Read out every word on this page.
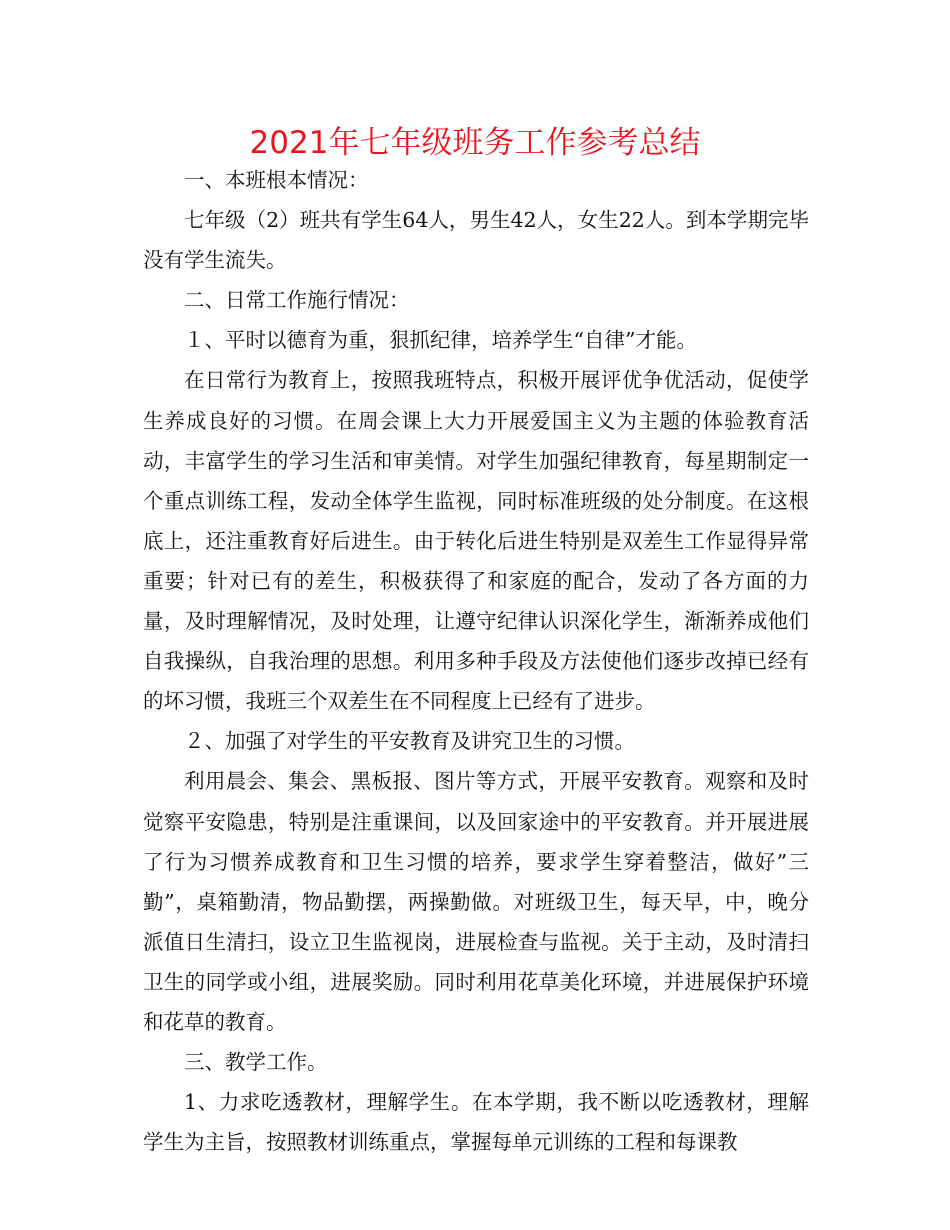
2021年七年级班务工作参考总结

一、本班根本情况：

七年级（2）班共有学生64人，男生42人，女生22人。到本学期完毕没有学生流失。

二、日常工作施行情况：

１、平时以德育为重，狠抓纪律，培养学生“自律”才能。

在日常行为教育上，按照我班特点，积极开展评优争优活动，促使学生养成良好的习惯。在周会课上大力开展爱国主义为主题的体验教育活动，丰富学生的学习生活和审美情。对学生加强纪律教育，每星期制定一个重点训练工程，发动全体学生监视，同时标准班级的处分制度。在这根底上，还注重教育好后进生。由于转化后进生特别是双差生工作显得异常重要；针对已有的差生，积极获得了和家庭的配合，发动了各方面的力量，及时理解情况，及时处理，让遵守纪律认识深化学生，渐渐养成他们自我操纵，自我治理的思想。利用多种手段及方法使他们逐步改掉已经有的坏习惯，我班三个双差生在不同程度上已经有了进步。

２、加强了对学生的平安教育及讲究卫生的习惯。

利用晨会、集会、黑板报、图片等方式，开展平安教育。观察和及时觉察平安隐患，特别是注重课间，以及回家途中的平安教育。并开展进展了行为习惯养成教育和卫生习惯的培养，要求学生穿着整洁，做好”三勤”，桌箱勤清，物品勤摆，两操勤做。对班级卫生，每天早，中，晚分派值日生清扫，设立卫生监视岗，进展检查与监视。关于主动，及时清扫卫生的同学或小组，进展奖励。同时利用花草美化环境，并进展保护环境和花草的教育。

三、教学工作。

1、力求吃透教材，理解学生。在本学期，我不断以吃透教材，理解学生为主旨，按照教材训练重点，掌握每单元训练的工程和每课教
